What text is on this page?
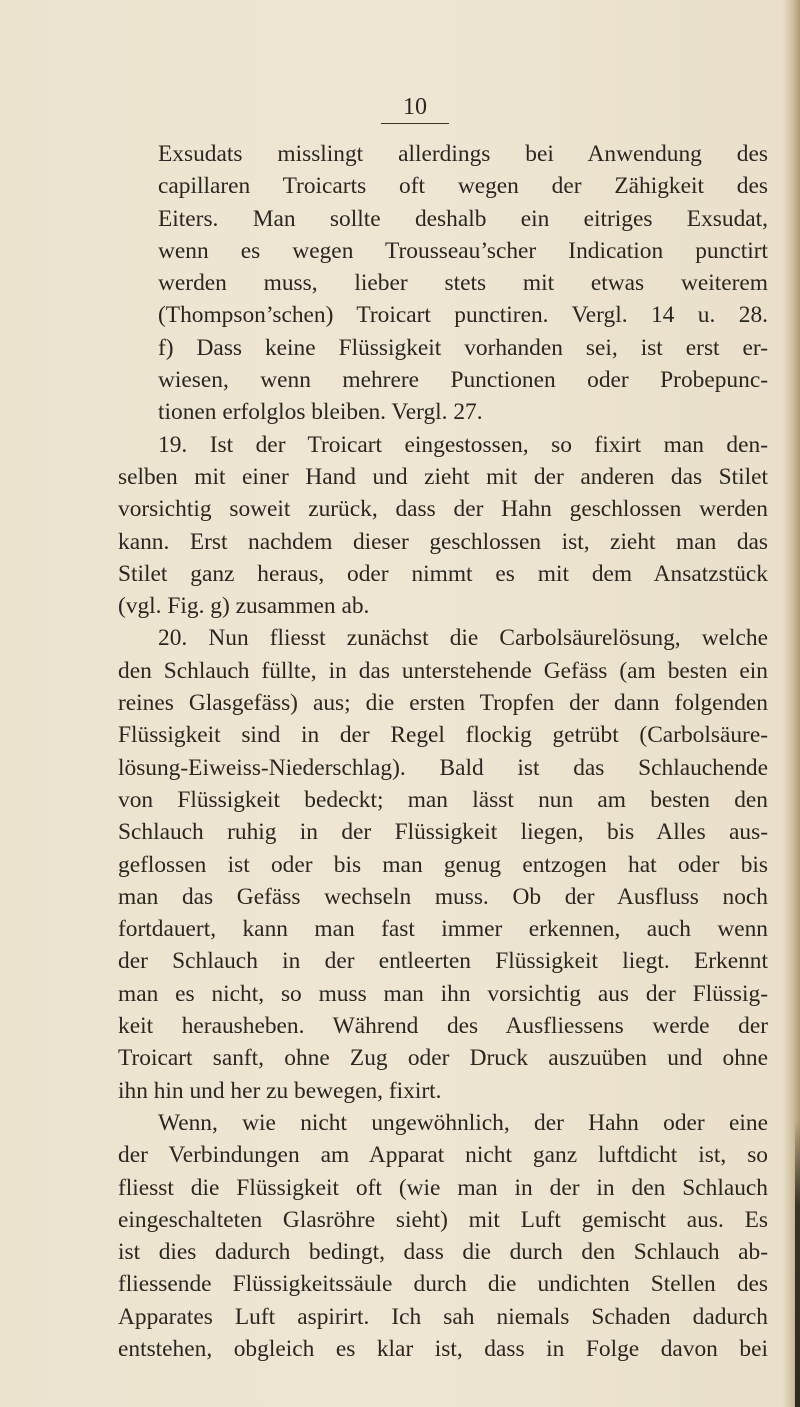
10
Exsudats misslingt allerdings bei Anwendung des
capillaren Troicarts oft wegen der Zähigkeit des
Eiters. Man sollte deshalb ein eitriges Exsudat,
wenn es wegen Trousseau’scher Indication punctirt
werden muss, lieber stets mit etwas weiterem
(Thompson’schen) Troicart punctiren. Vergl. 14 u. 28.
f) Dass keine Flüssigkeit vorhanden sei, ist erst er-
wiesen, wenn mehrere Punctionen oder Probepunc-
tionen erfolglos bleiben. Vergl. 27.
19. Ist der Troicart eingestossen, so fixirt man den-
selben mit einer Hand und zieht mit der anderen das Stilet
vorsichtig soweit zurück, dass der Hahn geschlossen werden
kann. Erst nachdem dieser geschlossen ist, zieht man das
Stilet ganz heraus, oder nimmt es mit dem Ansatzstück
(vgl. Fig. g) zusammen ab.
20. Nun fliesst zunächst die Carbolsäurelösung, welche
den Schlauch füllte, in das unterstehende Gefäss (am besten ein
reines Glasgefäss) aus; die ersten Tropfen der dann folgenden
Flüssigkeit sind in der Regel flockig getrübt (Carbolsäure-
lösung-Eiweiss-Niederschlag). Bald ist das Schlauchende
von Flüssigkeit bedeckt; man lässt nun am besten den
Schlauch ruhig in der Flüssigkeit liegen, bis Alles aus-
geflossen ist oder bis man genug entzogen hat oder bis
man das Gefäss wechseln muss. Ob der Ausfluss noch
fortdauert, kann man fast immer erkennen, auch wenn
der Schlauch in der entleerten Flüssigkeit liegt. Erkennt
man es nicht, so muss man ihn vorsichtig aus der Flüssig-
keit herausheben. Während des Ausfliessens werde der
Troicart sanft, ohne Zug oder Druck auszuüben und ohne
ihn hin und her zu bewegen, fixirt.
Wenn, wie nicht ungewöhnlich, der Hahn oder eine
der Verbindungen am Apparat nicht ganz luftdicht ist, so
fliesst die Flüssigkeit oft (wie man in der in den Schlauch
eingeschalteten Glasröhre sieht) mit Luft gemischt aus. Es
ist dies dadurch bedingt, dass die durch den Schlauch ab-
fliessende Flüssigkeitssäule durch die undichten Stellen des
Apparates Luft aspirirt. Ich sah niemals Schaden dadurch
entstehen, obgleich es klar ist, dass in Folge davon bei
